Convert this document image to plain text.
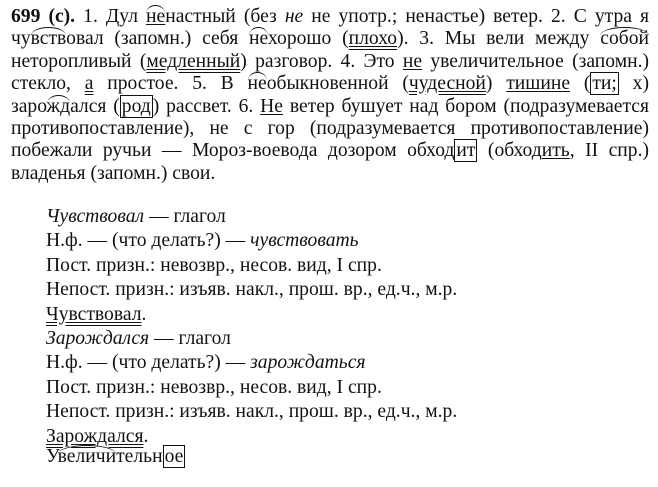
699 (с). 1. Дул ненастный (без не не употр.; ненастье) ветер. 2. С утра я чувствовал (запомн.) себя нехорошо (плохо). 3. Мы вели между собой неторопливый (медленный) разговор. 4. Это не увеличительное (запомн.) стекло, а простое. 5. В необыкновенной (чудесной) тишине ( ти; х) зарождался ( род ) рассвет. 6. Не ветер бушует над бором (подразумевается противопоставление), не с гор (подразумевается противопоставление) побежали ручьи — Мороз-воевода дозором обход ит (обходить, II спр.) владенья (запомн.) свои.

Чувствовал — глагол
Н.ф. — (что делать?) — чувствовать
Пост. призн.: невозвр., несов. вид, I спр.
Непост. призн.: изъяв. накл., прош. вр., ед.ч., м.р.
Чувствовал.
Зарождался — глагол
Н.ф. — (что делать?) — зарождаться
Пост. призн.: невозвр., несов. вид, I спр.
Непост. призн.: изъяв. накл., прош. вр., ед.ч., м.р.
Зарождался.
Увеличительн ое
